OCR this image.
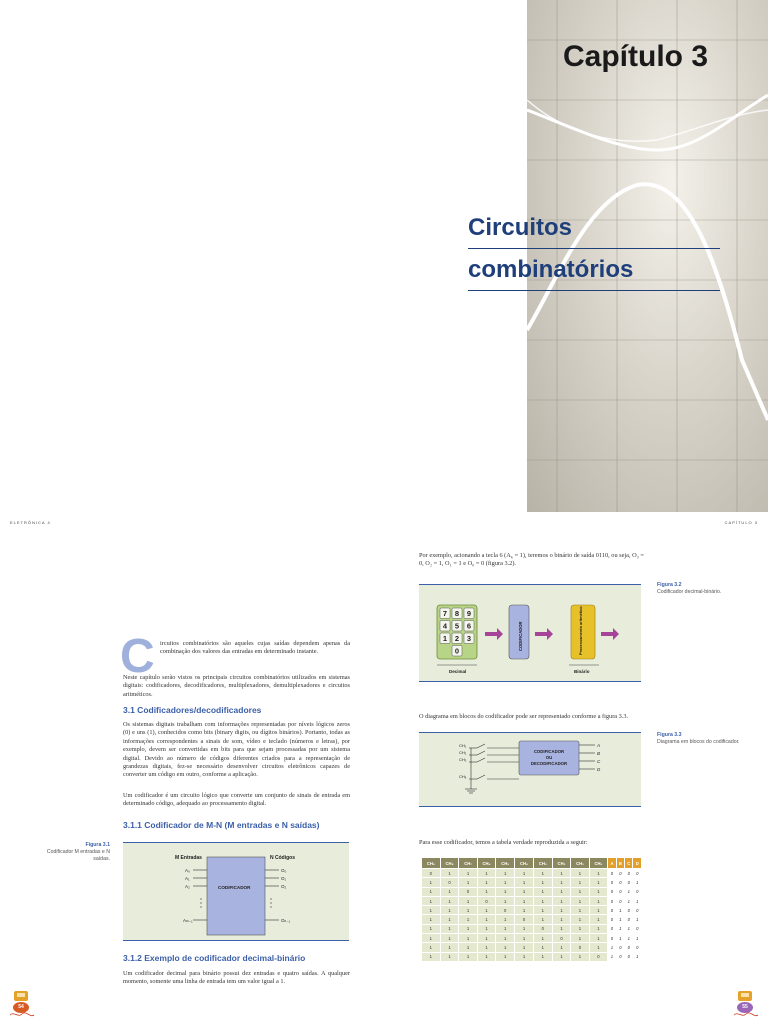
Capítulo 3
Circuitos
combinatórios
ELETRÔNICA 4	CAPÍTULO 3
C ircuitos combinatórios são aqueles cujas saídas dependem apenas da combinação dos valores das entradas em determinado instante.

Neste capítulo serão vistos os principais circuitos combinatórios utilizados em sistemas digitais: codificadores, decodificadores, multiplexadores, demultiplexadores e circuitos aritméticos.

3.1 Codificadores/decodificadores

Os sistemas digitais trabalham com informações representadas por níveis lógicos zeros (0) e uns (1), conhecidos como bits (binary digits, ou dígitos binários). Portanto, todas as informações correspondentes a sinais de som, vídeo e teclado (números e letras), por exemplo, devem ser convertidas em bits para que sejam processadas por um sistema digital. Devido ao número de códigos diferentes criados para a representação de grandezas digitais, fez-se necessário desenvolver circuitos eletrônicos capazes de converter um código em outro, conforme a aplicação.

Um codificador é um circuito lógico que converte um conjunto de sinais de entrada em determinado código, adequado ao processamento digital.

3.1.1 Codificador de M-N (M entradas e N saídas)
Figura 3.1
Codificador M entradas e N saídas.	M Entradas	N Códigos
CODIFICADOR
A₀
A₁
A₂
Aₘ₋₁
O₀
O₁
O₂
Oₙ₋₁
3.1.2 Exemplo de codificador decimal-binário

Um codificador decimal para binário possui dez entradas e quatro saídas. A qualquer momento, somente uma linha de entrada tem um valor igual a 1.

Por exemplo, acionando a tecla 6 (A₆ = 1), teremos o binário de saída 0110, ou seja, O₃ = 0, O₂ = 1, O₁ = 1 e O₀ = 0 (figura 3.2).

Figura 3.2
Codificador decimal-binário.
7 8 9
4 5 6
1 2 3
0
Decimal
CODIFICADOR	Processamento aritmético
Binário

O diagrama em blocos do codificador pode ser representado conforme a figura 3.3.

Figura 3.3
Diagrama em blocos do codificador.
CH₁
CH₂
CH₃
CH₉
CODIFICADOR
OU
DECODIFICADOR
A
B
C
D

Para esse codificador, temos a tabela verdade reproduzida a seguir:

CH₉	CH₈	CH₇	CH₆	CH₅	CH₄	CH₃	CH₂	CH₁	CH₀	A	B	C	D
0	1	1	1	1	1	1	1	1	1	0	0	0	0
1	0	1	1	1	1	1	1	1	1	0	0	0	1
1	1	0	1	1	1	1	1	1	1	0	0	1	0
1	1	1	0	1	1	1	1	1	1	0	0	1	1
1	1	1	1	0	1	1	1	1	1	0	1	0	0
1	1	1	1	1	0	1	1	1	1	0	1	0	1
1	1	1	1	1	1	0	1	1	1	0	1	1	0
1	1	1	1	1	1	1	0	1	1	0	1	1	1
1	1	1	1	1	1	1	1	0	1	1	0	0	0
1	1	1	1	1	1	1	1	1	0	1	0	0	1
54	55
